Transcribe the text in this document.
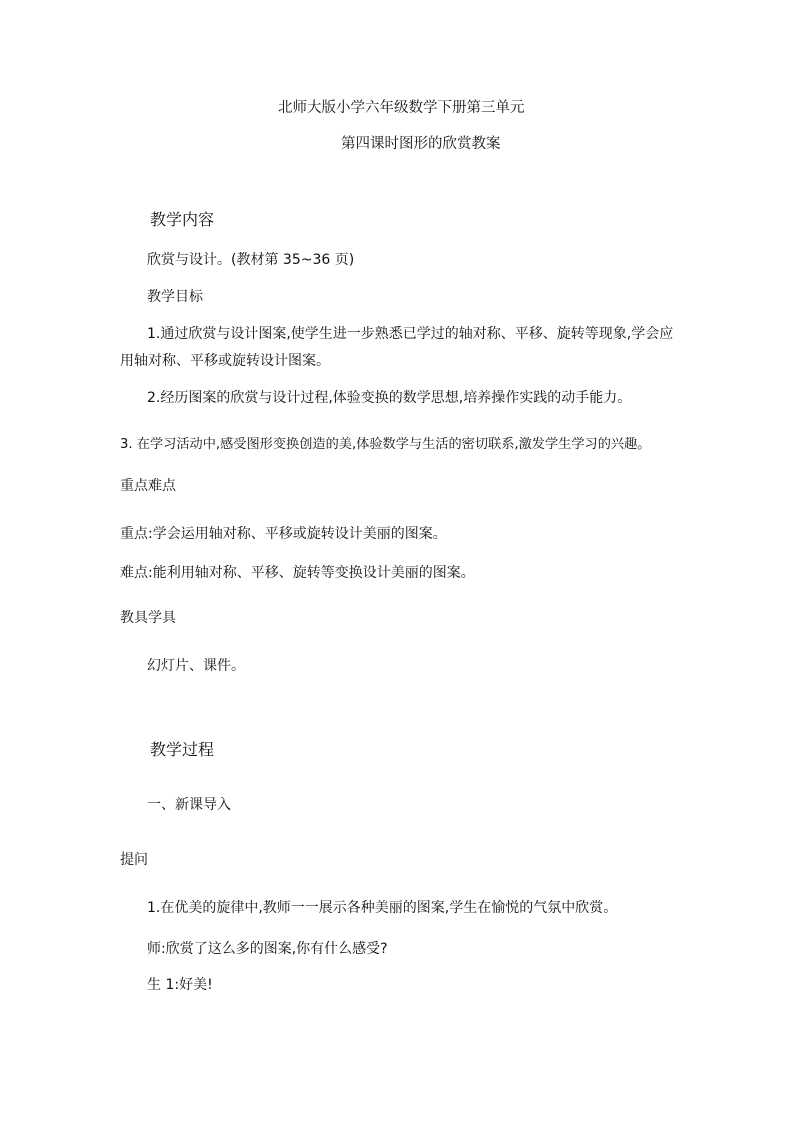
北师大版小学六年级数学下册第三单元
第四课时图形的欣赏教案
教学内容
欣赏与设计。(教材第 35~36 页)
教学目标
1.通过欣赏与设计图案,使学生进一步熟悉已学过的轴对称、平移、旋转等现象,学会应
用轴对称、平移或旋转设计图案。
2.经历图案的欣赏与设计过程,体验变换的数学思想,培养操作实践的动手能力。
3. 在学习活动中,感受图形变换创造的美,体验数学与生活的密切联系,激发学生学习的兴趣。
重点难点
重点:学会运用轴对称、平移或旋转设计美丽的图案。
难点:能利用轴对称、平移、旋转等变换设计美丽的图案。
教具学具
幻灯片、课件。
教学过程
一、新课导入
提问
1.在优美的旋律中,教师一一展示各种美丽的图案,学生在愉悦的气氛中欣赏。
师:欣赏了这么多的图案,你有什么感受?
生 1:好美!
